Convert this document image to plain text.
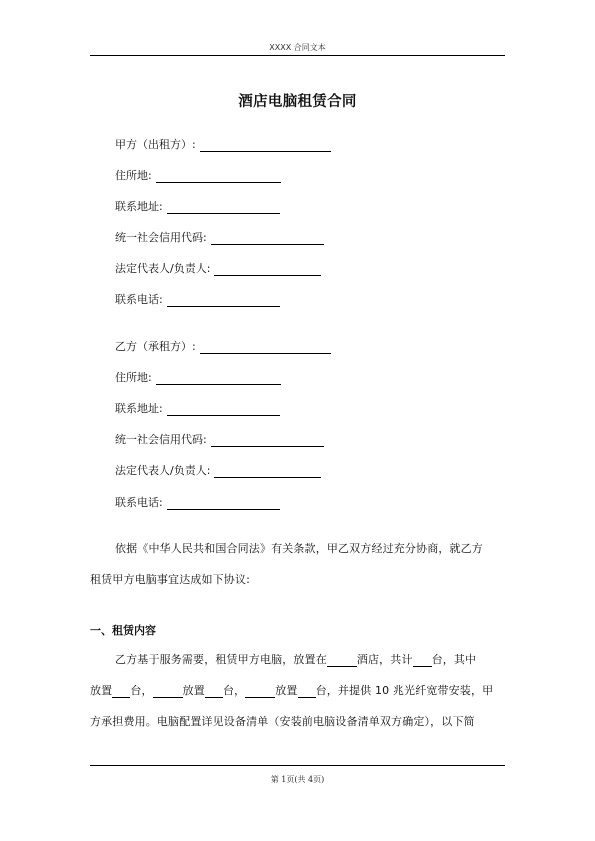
XXXX 合同文本
酒店电脑租赁合同
甲方（出租方）:
住所地:
联系地址:
统一社会信用代码:
法定代表人/负责人:
联系电话:
乙方（承租方）:
住所地:
联系地址:
统一社会信用代码:
法定代表人/负责人:
联系电话:
依据《中华人民共和国合同法》有关条款，甲乙双方经过充分协商，就乙方
租赁甲方电脑事宜达成如下协议:
一、租赁内容
乙方基于服务需要，租赁甲方电脑，放置在	酒店，共计 台，其中
放置 台，	放置 台，	放置 台，并提供 10 兆光纤宽带安装，甲
方承担费用。电脑配置详见设备清单（安装前电脑设备清单双方确定），以下简
第 1页(共 4页)
